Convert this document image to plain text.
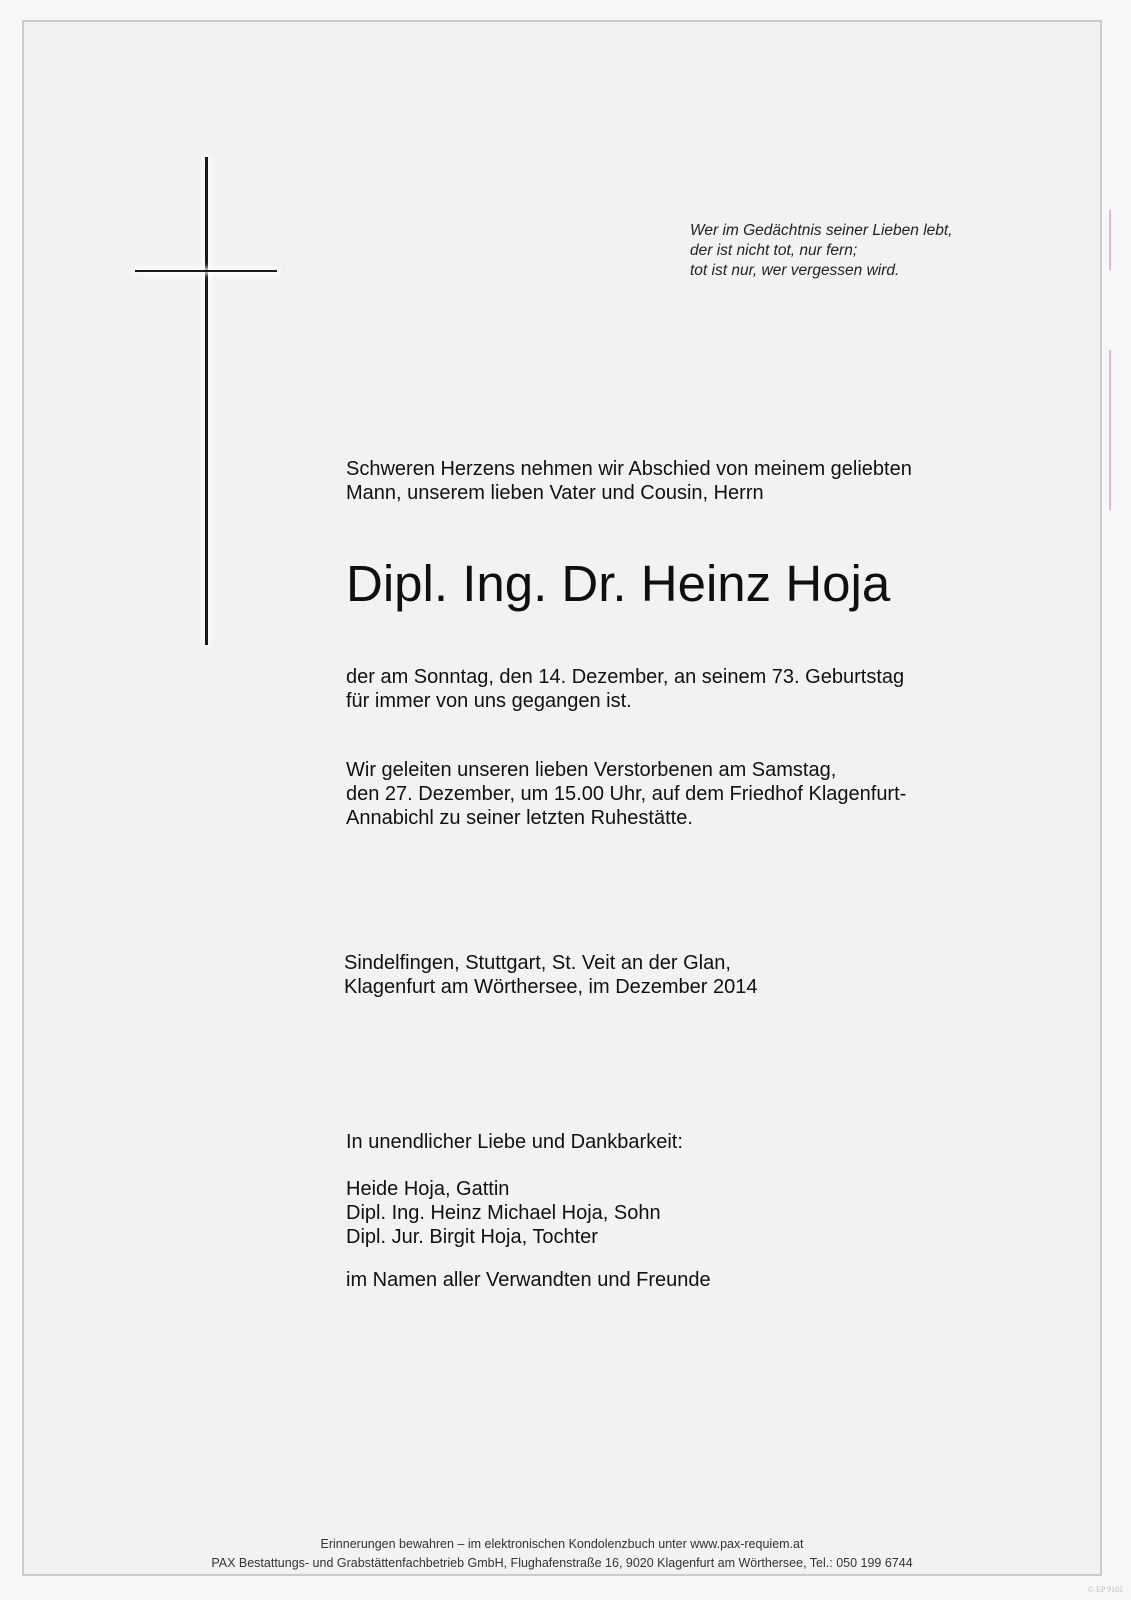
Wer im Gedächtnis seiner Lieben lebt,
der ist nicht tot, nur fern;
tot ist nur, wer vergessen wird.
Schweren Herzens nehmen wir Abschied von meinem geliebten
Mann, unserem lieben Vater und Cousin, Herrn
Dipl. Ing. Dr. Heinz Hoja
der am Sonntag, den 14. Dezember, an seinem 73. Geburtstag
für immer von uns gegangen ist.
Wir geleiten unseren lieben Verstorbenen am Samstag,
den 27. Dezember, um 15.00 Uhr, auf dem Friedhof Klagenfurt-
Annabichl zu seiner letzten Ruhestätte.
Sindelfingen, Stuttgart, St. Veit an der Glan,
Klagenfurt am Wörthersee, im Dezember 2014
In unendlicher Liebe und Dankbarkeit:
Heide Hoja, Gattin
Dipl. Ing. Heinz Michael Hoja, Sohn
Dipl. Jur. Birgit Hoja, Tochter
im Namen aller Verwandten und Freunde
Erinnerungen bewahren – im elektronischen Kondolenzbuch unter www.pax-requiem.at
PAX Bestattungs- und Grabstättenfachbetrieb GmbH, Flughafenstraße 16, 9020 Klagenfurt am Wörthersee, Tel.: 050 199 6744
© EP 9101
